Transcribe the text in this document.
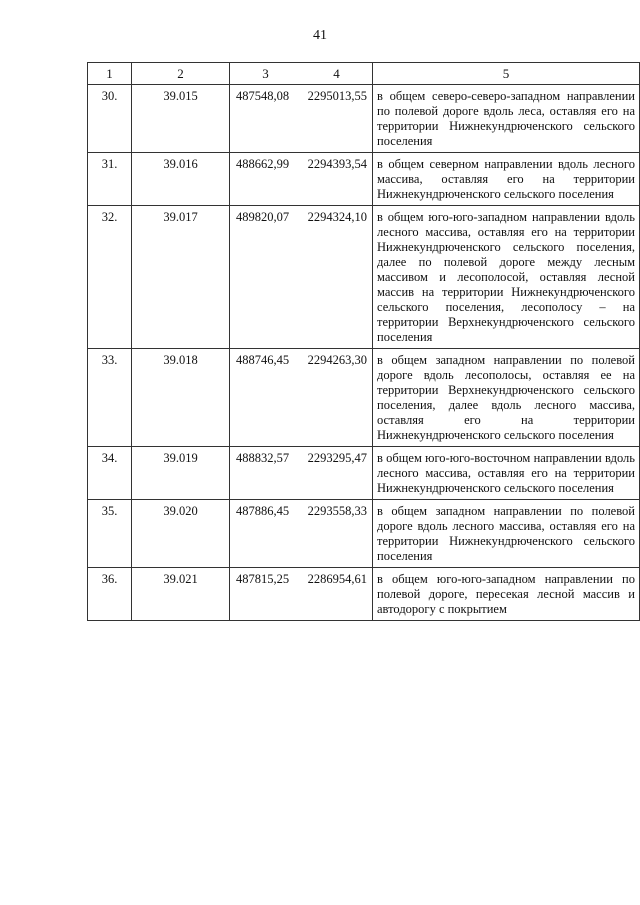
41
1	2	3 4	5
30.	39.015	487548,08 2295013,55	в общем северо-северо-западном направлении по полевой дороге вдоль леса, оставляя его на территории Нижнекундрюченского сельского поселения
31.	39.016	488662,99 2294393,54	в общем северном направлении вдоль лесного массива, оставляя его на территории Нижнекундрюченского сельского поселения
32.	39.017	489820,07 2294324,10	в общем юго-юго-западном направлении вдоль лесного массива, оставляя его на территории Нижнекундрюченского сельского поселения, далее по полевой дороге между лесным массивом и лесополосой, оставляя лесной массив на территории Нижнекундрюченского сельского поселения, лесополосу – на территории Верхнекундрюченского сельского поселения
33.	39.018	488746,45 2294263,30	в общем западном направлении по полевой дороге вдоль лесополосы, оставляя ее на территории Верхнекундрюченского сельского поселения, далее вдоль лесного массива, оставляя его на территории Нижнекундрюченского сельского поселения
34.	39.019	488832,57 2293295,47	в общем юго-юго-восточном направлении вдоль лесного массива, оставляя его на территории Нижнекундрюченского сельского поселения
35.	39.020	487886,45 2293558,33	в общем западном направлении по полевой дороге вдоль лесного массива, оставляя его на территории Нижнекундрюченского сельского поселения
36.	39.021	487815,25 2286954,61	в общем юго-юго-западном направлении по полевой дороге, пересекая лесной массив и автодорогу с покрытием
